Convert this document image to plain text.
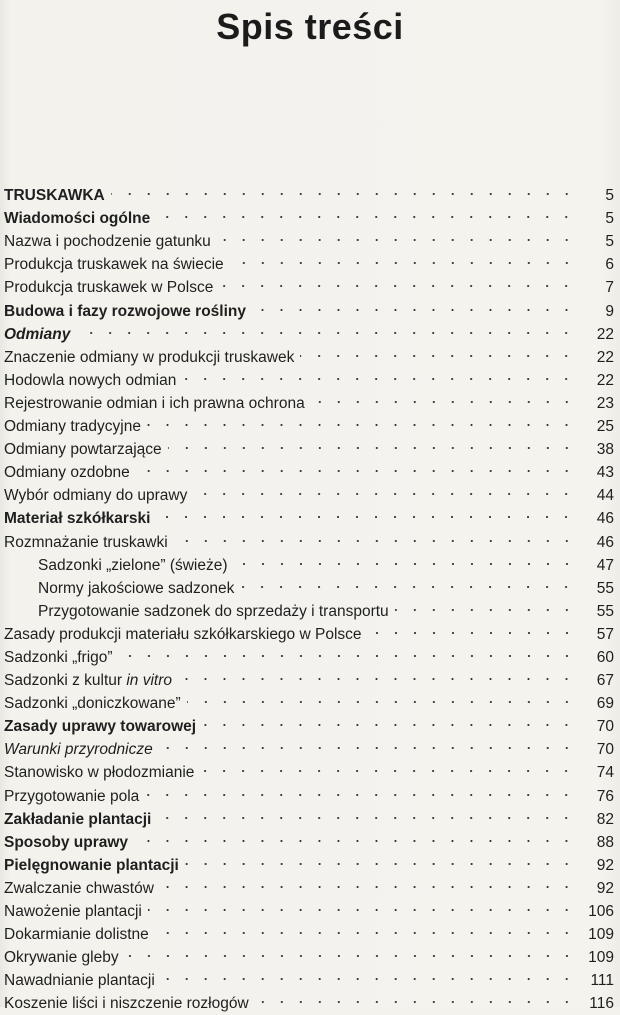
Spis treści
TRUSKAWKA	5
Wiadomości ogólne	5
Nazwa i pochodzenie gatunku	5
Produkcja truskawek na świecie	6
Produkcja truskawek w Polsce	7
Budowa i fazy rozwojowe rośliny	9
Odmiany	22
Znaczenie odmiany w produkcji truskawek	22
Hodowla nowych odmian	22
Rejestrowanie odmian i ich prawna ochrona	23
Odmiany tradycyjne	25
Odmiany powtarzające	38
Odmiany ozdobne	43
Wybór odmiany do uprawy	44
Materiał szkółkarski	46
Rozmnażanie truskawki	46
Sadzonki „zielone” (świeże)	47
Normy jakościowe sadzonek	55
Przygotowanie sadzonek do sprzedaży i transportu	55
Zasady produkcji materiału szkółkarskiego w Polsce	57
Sadzonki „frigo”	60
Sadzonki z kultur in vitro	67
Sadzonki „doniczkowane”	69
Zasady uprawy towarowej	70
Warunki przyrodnicze	70
Stanowisko w płodozmianie	74
Przygotowanie pola	76
Zakładanie plantacji	82
Sposoby uprawy	88
Pielęgnowanie plantacji	92
Zwalczanie chwastów	92
Nawożenie plantacji	106
Dokarmianie dolistne	109
Okrywanie gleby	109
Nawadnianie plantacji	111
Koszenie liści i niszczenie rozłogów	116
